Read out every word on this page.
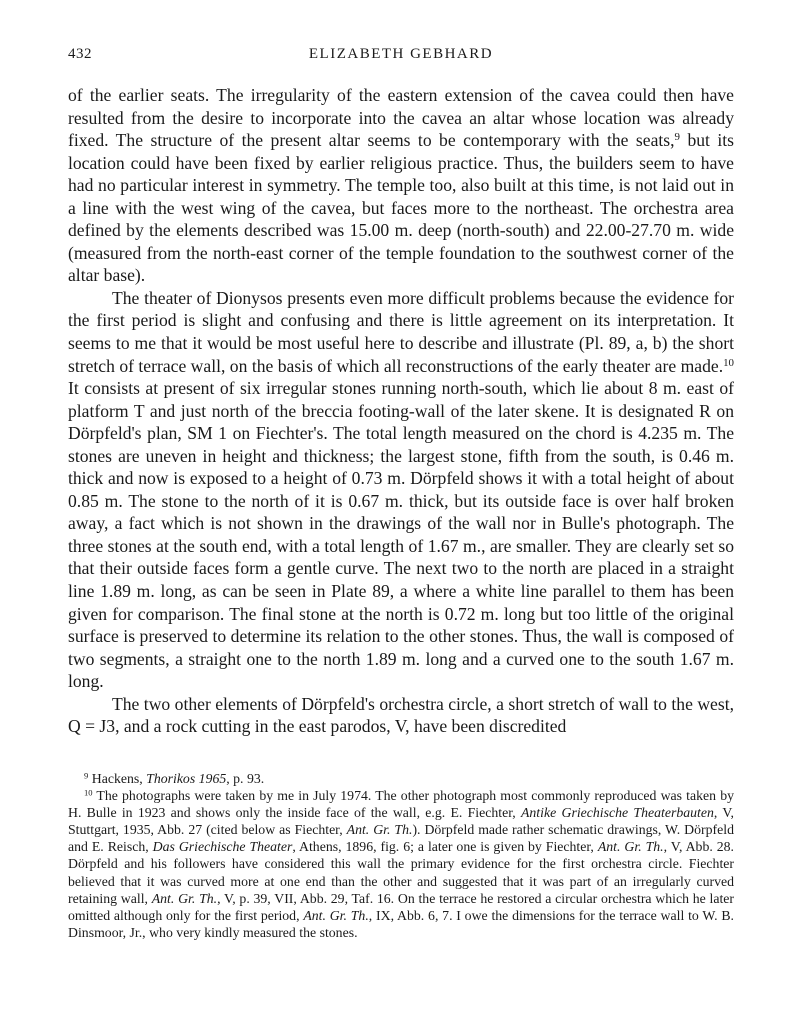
432	ELIZABETH GEBHARD

of the earlier seats. The irregularity of the eastern extension of the cavea could then have resulted from the desire to incorporate into the cavea an altar whose location was already fixed. The structure of the present altar seems to be contemporary with the seats,$^9$ but its location could have been fixed by earlier religious practice. Thus, the builders seem to have had no particular interest in symmetry. The temple too, also built at this time, is not laid out in a line with the west wing of the cavea, but faces more to the northeast. The orchestra area defined by the elements described was 15.00 m. deep (north-south) and 22.00-27.70 m. wide (measured from the north-east corner of the temple foundation to the southwest corner of the altar base).

The theater of Dionysos presents even more difficult problems because the evidence for the first period is slight and confusing and there is little agreement on its interpretation. It seems to me that it would be most useful here to describe and illustrate (Pl. 89, a, b) the short stretch of terrace wall, on the basis of which all reconstructions of the early theater are made.$^{10}$ It consists at present of six irregular stones running north-south, which lie about 8 m. east of platform T and just north of the breccia footing-wall of the later skene. It is designated R on Dörpfeld's plan, SM 1 on Fiechter's. The total length measured on the chord is 4.235 m. The stones are uneven in height and thickness; the largest stone, fifth from the south, is 0.46 m. thick and now is exposed to a height of 0.73 m. Dörpfeld shows it with a total height of about 0.85 m. The stone to the north of it is 0.67 m. thick, but its outside face is over half broken away, a fact which is not shown in the drawings of the wall nor in Bulle's photograph. The three stones at the south end, with a total length of 1.67 m., are smaller. They are clearly set so that their outside faces form a gentle curve. The next two to the north are placed in a straight line 1.89 m. long, as can be seen in Plate 89, a where a white line parallel to them has been given for comparison. The final stone at the north is 0.72 m. long but too little of the original surface is preserved to determine its relation to the other stones. Thus, the wall is composed of two segments, a straight one to the north 1.89 m. long and a curved one to the south 1.67 m. long.

The two other elements of Dörpfeld's orchestra circle, a short stretch of wall to the west, Q = J3, and a rock cutting in the east parodos, V, have been discredited

$^9$ Hackens, Thorikos 1965, p. 93.

$^{10}$ The photographs were taken by me in July 1974. The other photograph most commonly reproduced was taken by H. Bulle in 1923 and shows only the inside face of the wall, e.g. E. Fiechter, Antike Griechische Theaterbauten, V, Stuttgart, 1935, Abb. 27 (cited below as Fiechter, Ant. Gr. Th.). Dörpfeld made rather schematic drawings, W. Dörpfeld and E. Reisch, Das Griechische Theater, Athens, 1896, fig. 6; a later one is given by Fiechter, Ant. Gr. Th., V, Abb. 28. Dörpfeld and his followers have considered this wall the primary evidence for the first orchestra circle. Fiechter believed that it was curved more at one end than the other and suggested that it was part of an irregularly curved retaining wall, Ant. Gr. Th., V, p. 39, VII, Abb. 29, Taf. 16. On the terrace he restored a circular orchestra which he later omitted although only for the first period, Ant. Gr. Th., IX, Abb. 6, 7. I owe the dimensions for the terrace wall to W. B. Dinsmoor, Jr., who very kindly measured the stones.
